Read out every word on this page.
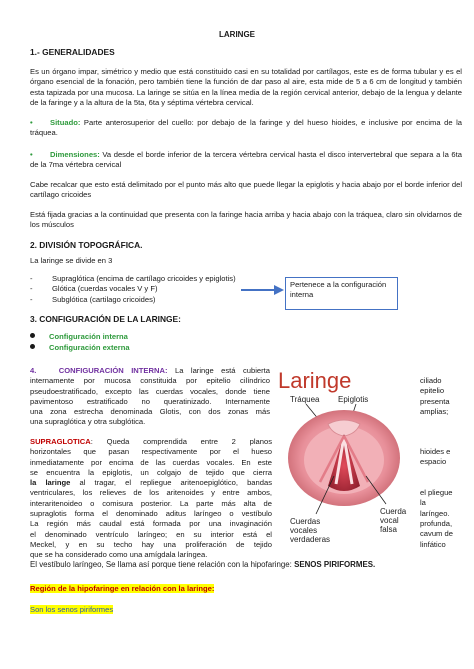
LARINGE
1.- GENERALIDADES
Es un órgano impar, simétrico y medio que está constituido casi en su totalidad por cartílagos, este es de forma tubular y es el órgano esencial de la fonación, pero también tiene la función de dar paso al aire, esta mide de 5 a 6 cm de longitud y también esta tapizada por una mucosa. La laringe se sitúa en la línea media de la región cervical anterior, debajo de la lengua y delante de la faringe y a la altura de la 5ta, 6ta y séptima vértebra cervical.
• Situado: Parte anterosuperior del cuello: por debajo de la faringe y del hueso hioides, e inclusive por encima de la tráquea.
• Dimensiones: Va desde el borde inferior de la tercera vértebra cervical hasta el disco intervertebral que separa a la 6ta de la 7ma vértebra cervical
Cabe recalcar que esto está delimitado por el punto más alto que puede llegar la epiglotis y hacia abajo por el borde inferior del cartílago cricoides
Está fijada gracias a la continuidad que presenta con la faringe hacia arriba y hacia abajo con la tráquea, claro sin olvidarnos de los músculos
2. DIVISIÓN TOPOGRÁFICA.
La laringe se divide en 3
-	Supraglótica (encima de cartílago cricoides y epiglotis)
-	Glótica (cuerdas vocales V y F)
-	Subglótica (cartilago cricoides)
Pertenece a la configuración interna
3. CONFIGURACIÓN DE LA LARINGE:
Configuración interna
Configuración externa
4.	CONFIGURACIÓN INTERNA: La laringe está cubierta
internamente por mucosa constituida por epitelio cilíndrico
pseudoestratificado, excepto las cuerdas vocales, donde tiene
pavimentoso estratificado no queratinizado. Internamente
una zona estrecha denominada Glotis, con dos zonas más
una supraglótica y otra subglótica.
ciliado
epitelio
presenta
amplias;
SUPRAGLOTICA: Queda comprendida entre 2 planos
horizontales que pasan respectivamente por el hueso
inmediatamente por encima de las cuerdas vocales. En este
se encuentra la epiglotis, un colgajo de tejido que cierra
la laringe al tragar, el repliegue aritenoepiglótico, bandas
ventriculares, los relieves de los aritenoides y entre ambos,
interaritenoideo o comisura posterior. La parte más alta de
supraglotis forma el denominado aditus laríngeo o vestíbulo
La región más caudal está formada por una invaginación
el denominado ventrículo laríngeo; en su interior está el
Meckel, y en su techo hay una proliferación de tejido
que se ha considerado como una amígdala laríngea.
hioides e
espacio

el pliegue
la
laríngeo.
profunda,
cavum de
linfático
El vestíbulo laríngeo, Se llama así porque tiene relación con la hipofaringe: SENOS PIRIFORMES.
Región de la hipofaringe en relación con la laringe:
Son los senos piriformes
Laringe
Tráquea Epiglotis
Cuerdas vocales verdaderas
Cuerda vocal falsa
